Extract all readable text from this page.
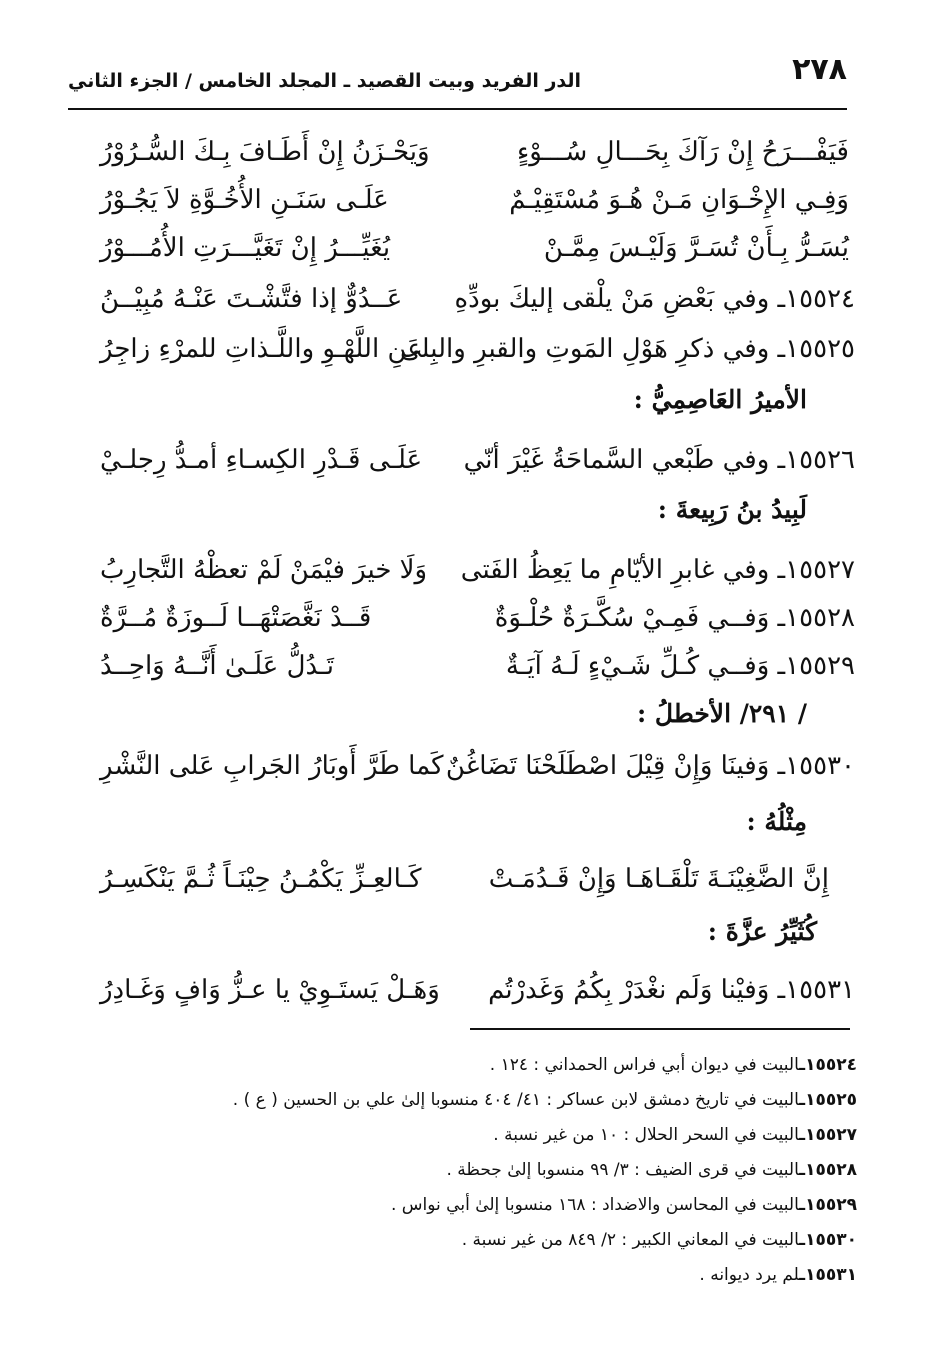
٢٧٨
الدر الفريد وبيت القصيد ـ المجلد الخامس / الجزء الثاني
فَيَفْـــرَحُ إِنْ رَآكَ بِحَـــالِ سُـــوْءٍ
وَيَحْـزَنُ إِنْ أَطَـافَ بِـكَ السُّـرُوْرُ
وَفِـي الإِخْـوَانِ مَـنْ هُـوَ مُسْتَقِيْـمٌ
عَلَـى سَنَـنِ الأُخُـوَّةِ لاَ يَجُـوْرُ
يُسَـرُّ بِـأَنْ تُسَـرَّ وَلَيْـسَ مِمَّـنْ
يُغَيِّـــرُ إِنْ تَغَيَّـــرَتِ الأُمُـــوْرُ
١٥٥٢٤ـ وفي بَعْضِ مَنْ يلْقى إليكَ بودِّهِ
عَــدُوٌّ إذا فتَّشْـتَ عَنْـهُ مُبِيْــنُ
١٥٥٢٥ـ وفي ذكرِ هَوْلِ المَوتِ والقبرِ والبِلى
عَنِ اللَّهْـوِ واللَّـذاتِ للمرْءِ زاجِرُ
الأميرُ العَاصِمِيُّ :
١٥٥٢٦ـ وفي طَبْعي السَّماحَةُ غَيْرَ أنّي
عَلَـى قَـدْرِ الكِسـاءِ أمـدُّ رِجلـيْ
لَبِيدُ بنُ رَبِيعةَ :
١٥٥٢٧ـ وفي غابرِ الأيّامِ ما يَعِظُ الفَتى
وَلَا خيرَ فيْمَنْ لَمْ تعظْهُ التَّجارِبُ
١٥٥٢٨ـ وَفــي فَمِـيْ سُكَّـرَةٌ حُلْـوَةٌ
قَــدْ نَغَّصَتْهَــا لَــوزَةٌ مُــرَّةٌ
١٥٥٢٩ـ وَفــي كُـلِّ شَـيْءٍ لَـهُ آيَـةٌ
تَـدُلُّ عَلَـىٰ أَنَّــهُ وَاحِــدُ
/ ٢٩١/ الأخطلُ :
١٥٥٣٠ـ وَفينَا وَإِنْ قِيْلَ اصْطَلَحْنَا تَضَاغُنٌ
كَما طَرَّ أَوبَارُ الجَرابِ عَلى النَّشْرِ
مِثْلُهُ :
إِنَّ الضَّغِيْنَـةَ تَلْقَـاهَـا وَإِنْ قَـدُمَـتْ
كَـالعِـزِّ يَكْمُـنُ حِيْنَـاً ثُـمَّ يَنْكَسِـرُ
كُثَيِّرُ عزَّةَ :
١٥٥٣١ـ وَفيْنا وَلَم نغْدَرْ بِكُمُ وَغَدرْتُم
وَهَـلْ يَستَـوِيْ يا عـزُّ وَافٍ وَغَـادِرُ
١٥٥٢٤ـالبيت في ديوان أبي فراس الحمداني : ١٢٤ .
١٥٥٢٥ـالبيت في تاريخ دمشق لابن عساكر : ٤١/ ٤٠٤ منسوبا إلىٰ علي بن الحسين ( ع ) .
١٥٥٢٧ـالبيت في السحر الحلال : ١٠ من غير نسبة .
١٥٥٢٨ـالبيت في قرى الضيف : ٣/ ٩٩ منسوبا إلىٰ جحظة .
١٥٥٢٩ـالبيت في المحاسن والاضداد : ١٦٨ منسوبا إلىٰ أبي نواس .
١٥٥٣٠ـالبيت في المعاني الكبير : ٢/ ٨٤٩ من غير نسبة .
١٥٥٣١ـلم يرد ديوانه .
